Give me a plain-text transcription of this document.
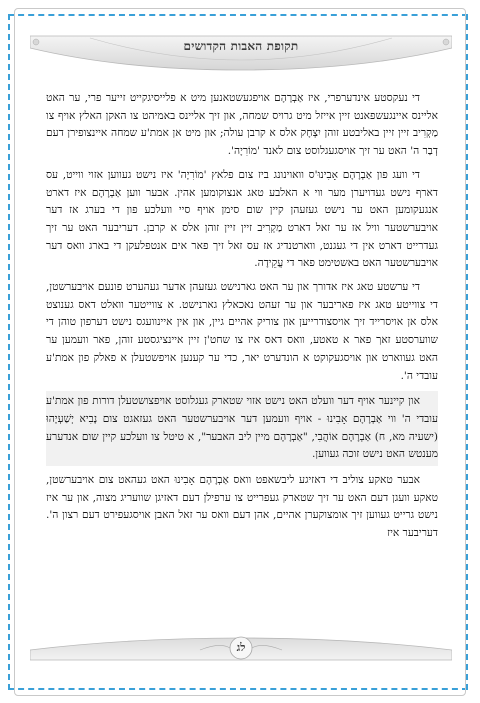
תקופת האבות הקדושים

די נעקסטע אינדערפרי, איז אַבְרָהָם אויפגעשטאנען מיט א פלייסיגקייט זייער פרי, ער האט אליינס איינגעשפאנט זיין אייזל מיט גרויס שמחה, און זיך אליינס באמיהט צו האקן האלץ אויף צו מַקְרִיב זיין זיין באליבטע זוהן יִצְחָק אלס א קרבן עולה; און מיט אן אמת'ע שמחה איינצופירן דעם דְבַר ה' האט ער זיך אויסגעגלוסט צום לאנד 'מוֹרִיָה'.

די וועג פון אַבְרָהָם אָבִינוּ'ס וואוינונג ביז צום פלאץ 'מוֹרִיָה' איז נישט געווען אזוי ווייט, עס דארף נישט געדויערן מער ווי א האלבע טאג אנצוקומען אהין. אבער ווען אַבְרָהָם איז דארט אנגעקומען האט ער נישט געזעהן קיין שום סימן אויף סיי וועלכע פון די בערג אז דער אויבערשטער וויל אז ער זאל דארט מַקְרִיב זיין זיין זוהן אלס א קרבן. דעריבער האט ער זיך געדרייט דארט אין די געגנט, ווארטנדיג אז עס זאל זיך פאר אים אנטפלעקן די בארג וואס דער אויבערשטער האט באשטימט פאר די עֲקֵידָה.

די ערשטע טאג איז אדורך און ער האט גארנישט געזעהן אדער געהערט פונעם אויבערשטן, די צווייטע טאג איז פאריבער און ער זעהט נאכאלץ גארנישט. א צווייטער וואלט דאס גענוצט אלס אן אויסרייד זיך אויסצודרייען און צוריק אהיים גיין, און אין איינוועגס נישט דערפון טוהן די שווערסטע זאך פאר א טאטע, וואס דאס איז צו שחט'ן זיין איינציגסטע זוהן, פאר וועמען ער האט געווארט און אויסגעקוקט א הונדערט יאר, כדי ער קענען אויפשטעלן א פאלק פון אמת'ע עובדי ה'.

און קיינער אויף דער וועלט האט נישט אזוי שטארק געגלוסט אויפצושטעלן דורות פון אמת'ע עובדי ה' ווי אַבְרָהָם אָבִינוּ - אויף וועמען דער אויבערשטער האט געזאגט צום נָבִיא יְשַׁעְיָהוּ (ישעיה מא, ח) אַבְרָהָם אוֹהֲבִי, "אַבְרָהָם מיין ליב האבער", א טיטל צו וועלכע קיין שום אנדערע מענטש האט נישט זוכה געווען.

אבער טאקע צוליב די דאזיגע ליבשאפט וואס אַבְרָהָם אָבִינוּ האט געהאט צום אויבערשטן, טאקע וועגן דעם האט ער זיך שטארק געפרייט צו ערפילן דעם דאזיגן שוועריג מצוה, און ער איז נישט גרייט געווען זיך אומצוקערן אהיים, אהן דעם וואס ער זאל האבן אויסגעפירט דעם רצון ה'. דעריבער איז

לג
